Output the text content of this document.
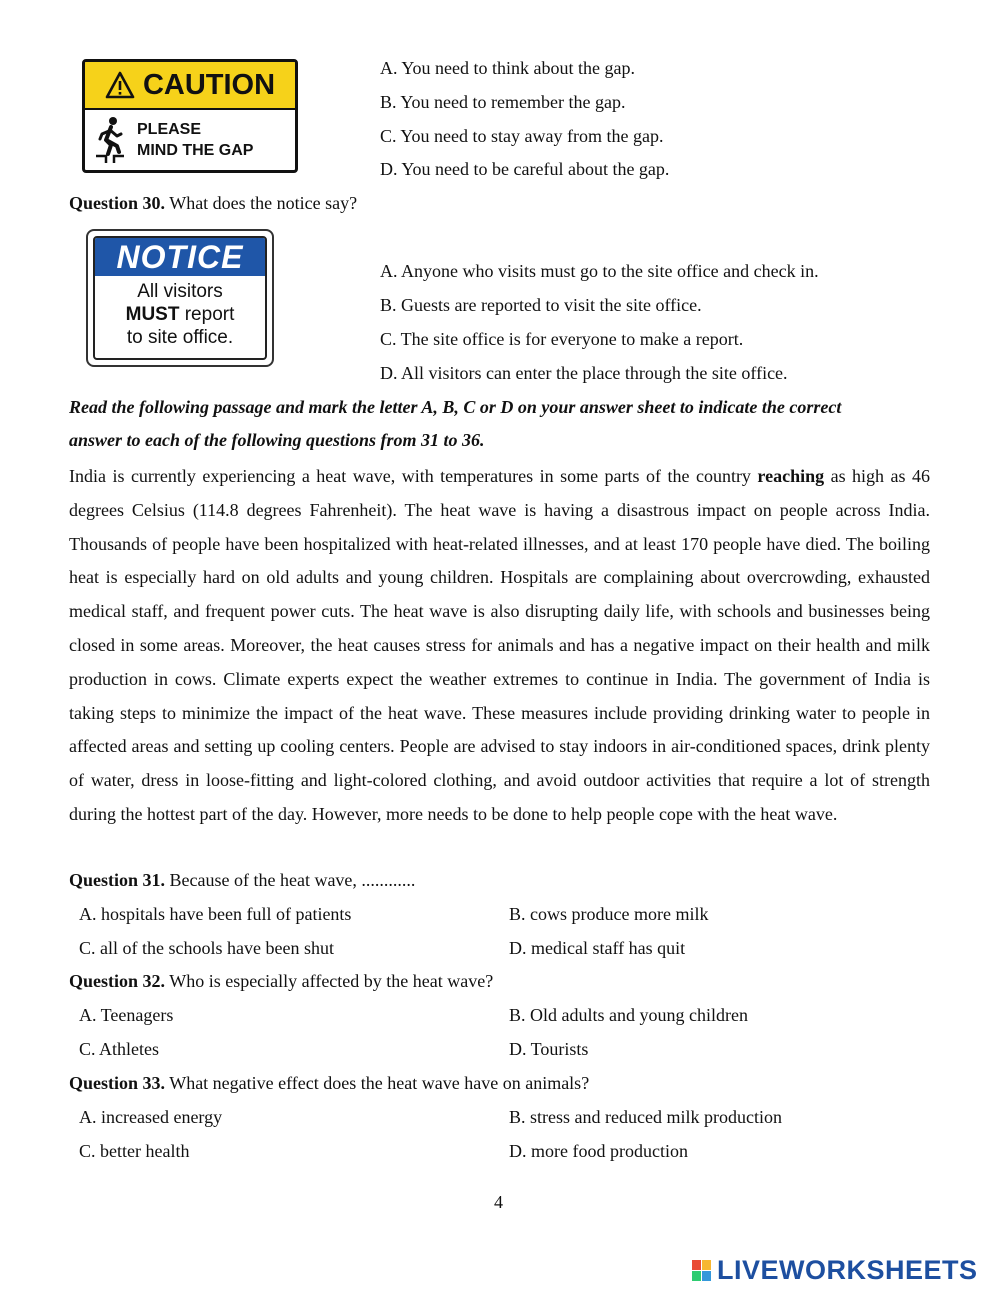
CAUTION
PLEASE
MIND THE GAP
A. You need to think about the gap.
B. You need to remember the gap.
C. You need to stay away from the gap.
D. You need to be careful about the gap.
Question 30. What does the notice say?
NOTICE
All visitors
MUST report
to site office.
A. Anyone who visits must go to the site office and check in.
B. Guests are reported to visit the site office.
C. The site office is for everyone to make a report.
D. All visitors can enter the place through the site office.
Read the following passage and mark the letter A, B, C or D on your answer sheet to indicate the correct
answer to each of the following questions from 31 to 36.

India is currently experiencing a heat wave, with temperatures in some parts of the country reaching as high as 46 degrees Celsius (114.8 degrees Fahrenheit). The heat wave is having a disastrous impact on people across India. Thousands of people have been hospitalized with heat-related illnesses, and at least 170 people have died. The boiling heat is especially hard on old adults and young children. Hospitals are complaining about overcrowding, exhausted medical staff, and frequent power cuts. The heat wave is also disrupting daily life, with schools and businesses being closed in some areas. Moreover, the heat causes stress for animals and has a negative impact on their health and milk production in cows. Climate experts expect the weather extremes to continue in India. The government of India is taking steps to minimize the impact of the heat wave. These measures include providing drinking water to people in affected areas and setting up cooling centers. People are advised to stay indoors in air-conditioned spaces, drink plenty of water, dress in loose-fitting and light-colored clothing, and avoid outdoor activities that require a lot of strength during the hottest part of the day. However, more needs to be done to help people cope with the heat wave.

Question 31. Because of the heat wave, ............
A. hospitals have been full of patients	B. cows produce more milk
C. all of the schools have been shut	D. medical staff has quit
Question 32. Who is especially affected by the heat wave?
A. Teenagers	B. Old adults and young children
C. Athletes	D. Tourists
Question 33. What negative effect does the heat wave have on animals?
A. increased energy	B. stress and reduced milk production
C. better health	D. more food production
4
LIVEWORKSHEETS
